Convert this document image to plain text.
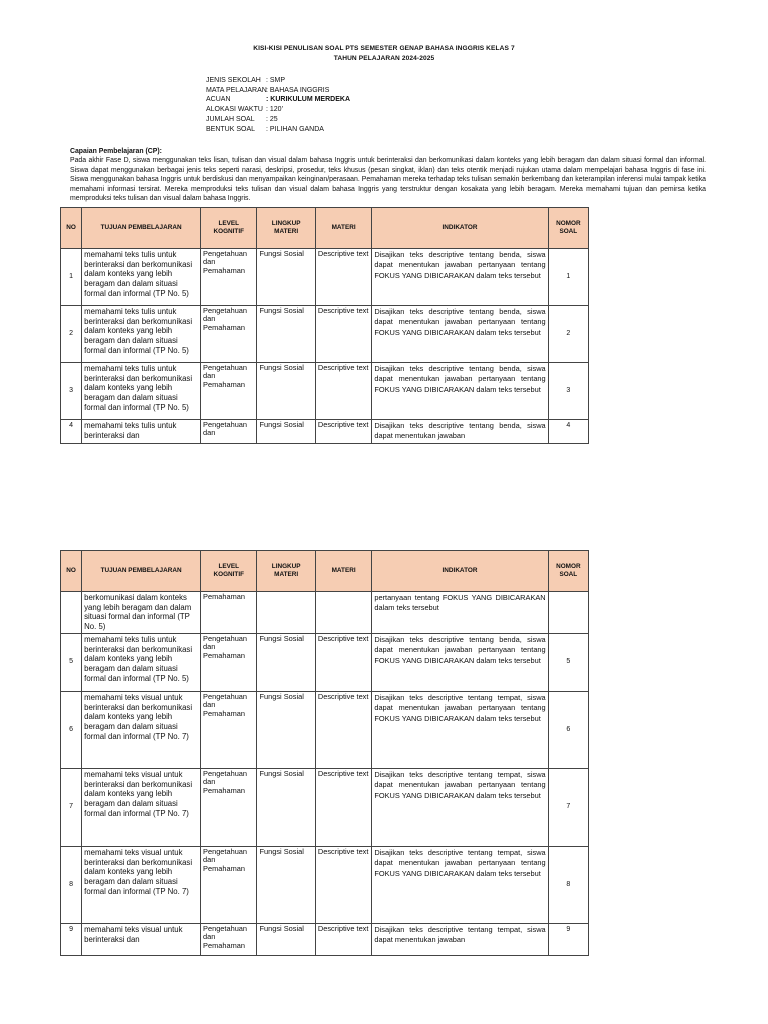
KISI-KISI PENULISAN SOAL PTS SEMESTER GENAP BAHASA INGGRIS KELAS 7
TAHUN PELAJARAN 2024-2025
JENIS SEKOLAH : SMP
MATA PELAJARAN : BAHASA INGGRIS
ACUAN	: KURIKULUM MERDEKA
ALOKASI WAKTU : 120’
JUMLAH SOAL	: 25
BENTUK SOAL	: PILIHAN GANDA
Capaian Pembelajaran (CP):
Pada akhir Fase D, siswa menggunakan teks lisan, tulisan dan visual dalam bahasa Inggris untuk berinteraksi dan berkomunikasi dalam konteks yang lebih beragam dan dalam situasi formal dan informal. Siswa dapat menggunakan berbagai jenis teks seperti narasi, deskripsi, prosedur, teks khusus (pesan singkat, iklan) dan teks otentik menjadi rujukan utama dalam mempelajari bahasa Inggris di fase ini. Siswa menggunakan bahasa Inggris untuk berdiskusi dan menyampaikan keinginan/perasaan. Pemahaman mereka terhadap teks tulisan semakin berkembang dan keterampilan inferensi mulai tampak ketika memahami informasi tersirat. Mereka memproduksi teks tulisan dan visual dalam bahasa Inggris yang terstruktur dengan kosakata yang lebih beragam. Mereka memahami tujuan dan pemirsa ketika memproduksi teks tulisan dan visual dalam bahasa Inggris.
NO	TUJUAN PEMBELAJARAN	LEVEL KOGNITIF	LINGKUP MATERI	MATERI	INDIKATOR	NOMOR SOAL
1	memahami teks tulis untuk berinteraksi dan berkomunikasi dalam konteks yang lebih beragam dan dalam situasi formal dan informal (TP No. 5)	Pengetahuan dan Pemahaman	Fungsi Sosial	Descriptive text	Disajikan teks descriptive tentang benda, siswa dapat menentukan jawaban pertanyaan tentang FOKUS YANG DIBICARAKAN dalam teks tersebut	1
2	memahami teks tulis untuk berinteraksi dan berkomunikasi dalam konteks yang lebih beragam dan dalam situasi formal dan informal (TP No. 5)	Pengetahuan dan Pemahaman	Fungsi Sosial	Descriptive text	Disajikan teks descriptive tentang benda, siswa dapat menentukan jawaban pertanyaan tentang FOKUS YANG DIBICARAKAN dalam teks tersebut	2
3	memahami teks tulis untuk berinteraksi dan berkomunikasi dalam konteks yang lebih beragam dan dalam situasi formal dan informal (TP No. 5)	Pengetahuan dan Pemahaman	Fungsi Sosial	Descriptive text	Disajikan teks descriptive tentang benda, siswa dapat menentukan jawaban pertanyaan tentang FOKUS YANG DIBICARAKAN dalam teks tersebut	3
4	memahami teks tulis untuk berinteraksi dan	Pengetahuan dan	Fungsi Sosial	Descriptive text	Disajikan teks descriptive tentang benda, siswa dapat menentukan jawaban	4
NO	TUJUAN PEMBELAJARAN	LEVEL KOGNITIF	LINGKUP MATERI	MATERI	INDIKATOR	NOMOR SOAL
	berkomunikasi dalam konteks yang lebih beragam dan dalam situasi formal dan informal (TP No. 5)	Pemahaman			pertanyaan tentang FOKUS YANG DIBICARAKAN dalam teks tersebut	
5	memahami teks tulis untuk berinteraksi dan berkomunikasi dalam konteks yang lebih beragam dan dalam situasi formal dan informal (TP No. 5)	Pengetahuan dan Pemahaman	Fungsi Sosial	Descriptive text	Disajikan teks descriptive tentang benda, siswa dapat menentukan jawaban pertanyaan tentang FOKUS YANG DIBICARAKAN dalam teks tersebut	5
6	memahami teks visual untuk berinteraksi dan berkomunikasi dalam konteks yang lebih beragam dan dalam situasi formal dan informal (TP No. 7)	Pengetahuan dan Pemahaman	Fungsi Sosial	Descriptive text	Disajikan teks descriptive tentang tempat, siswa dapat menentukan jawaban pertanyaan tentang FOKUS YANG DIBICARAKAN dalam teks tersebut	6
7	memahami teks visual untuk berinteraksi dan berkomunikasi dalam konteks yang lebih beragam dan dalam situasi formal dan informal (TP No. 7)	Pengetahuan dan Pemahaman	Fungsi Sosial	Descriptive text	Disajikan teks descriptive tentang tempat, siswa dapat menentukan jawaban pertanyaan tentang FOKUS YANG DIBICARAKAN dalam teks tersebut	7
8	memahami teks visual untuk berinteraksi dan berkomunikasi dalam konteks yang lebih beragam dan dalam situasi formal dan informal (TP No. 7)	Pengetahuan dan Pemahaman	Fungsi Sosial	Descriptive text	Disajikan teks descriptive tentang tempat, siswa dapat menentukan jawaban pertanyaan tentang FOKUS YANG DIBICARAKAN dalam teks tersebut	8
9	memahami teks visual untuk berinteraksi dan	Pengetahuan dan Pemahaman	Fungsi Sosial	Descriptive text	Disajikan teks descriptive tentang tempat, siswa dapat menentukan jawaban	9
